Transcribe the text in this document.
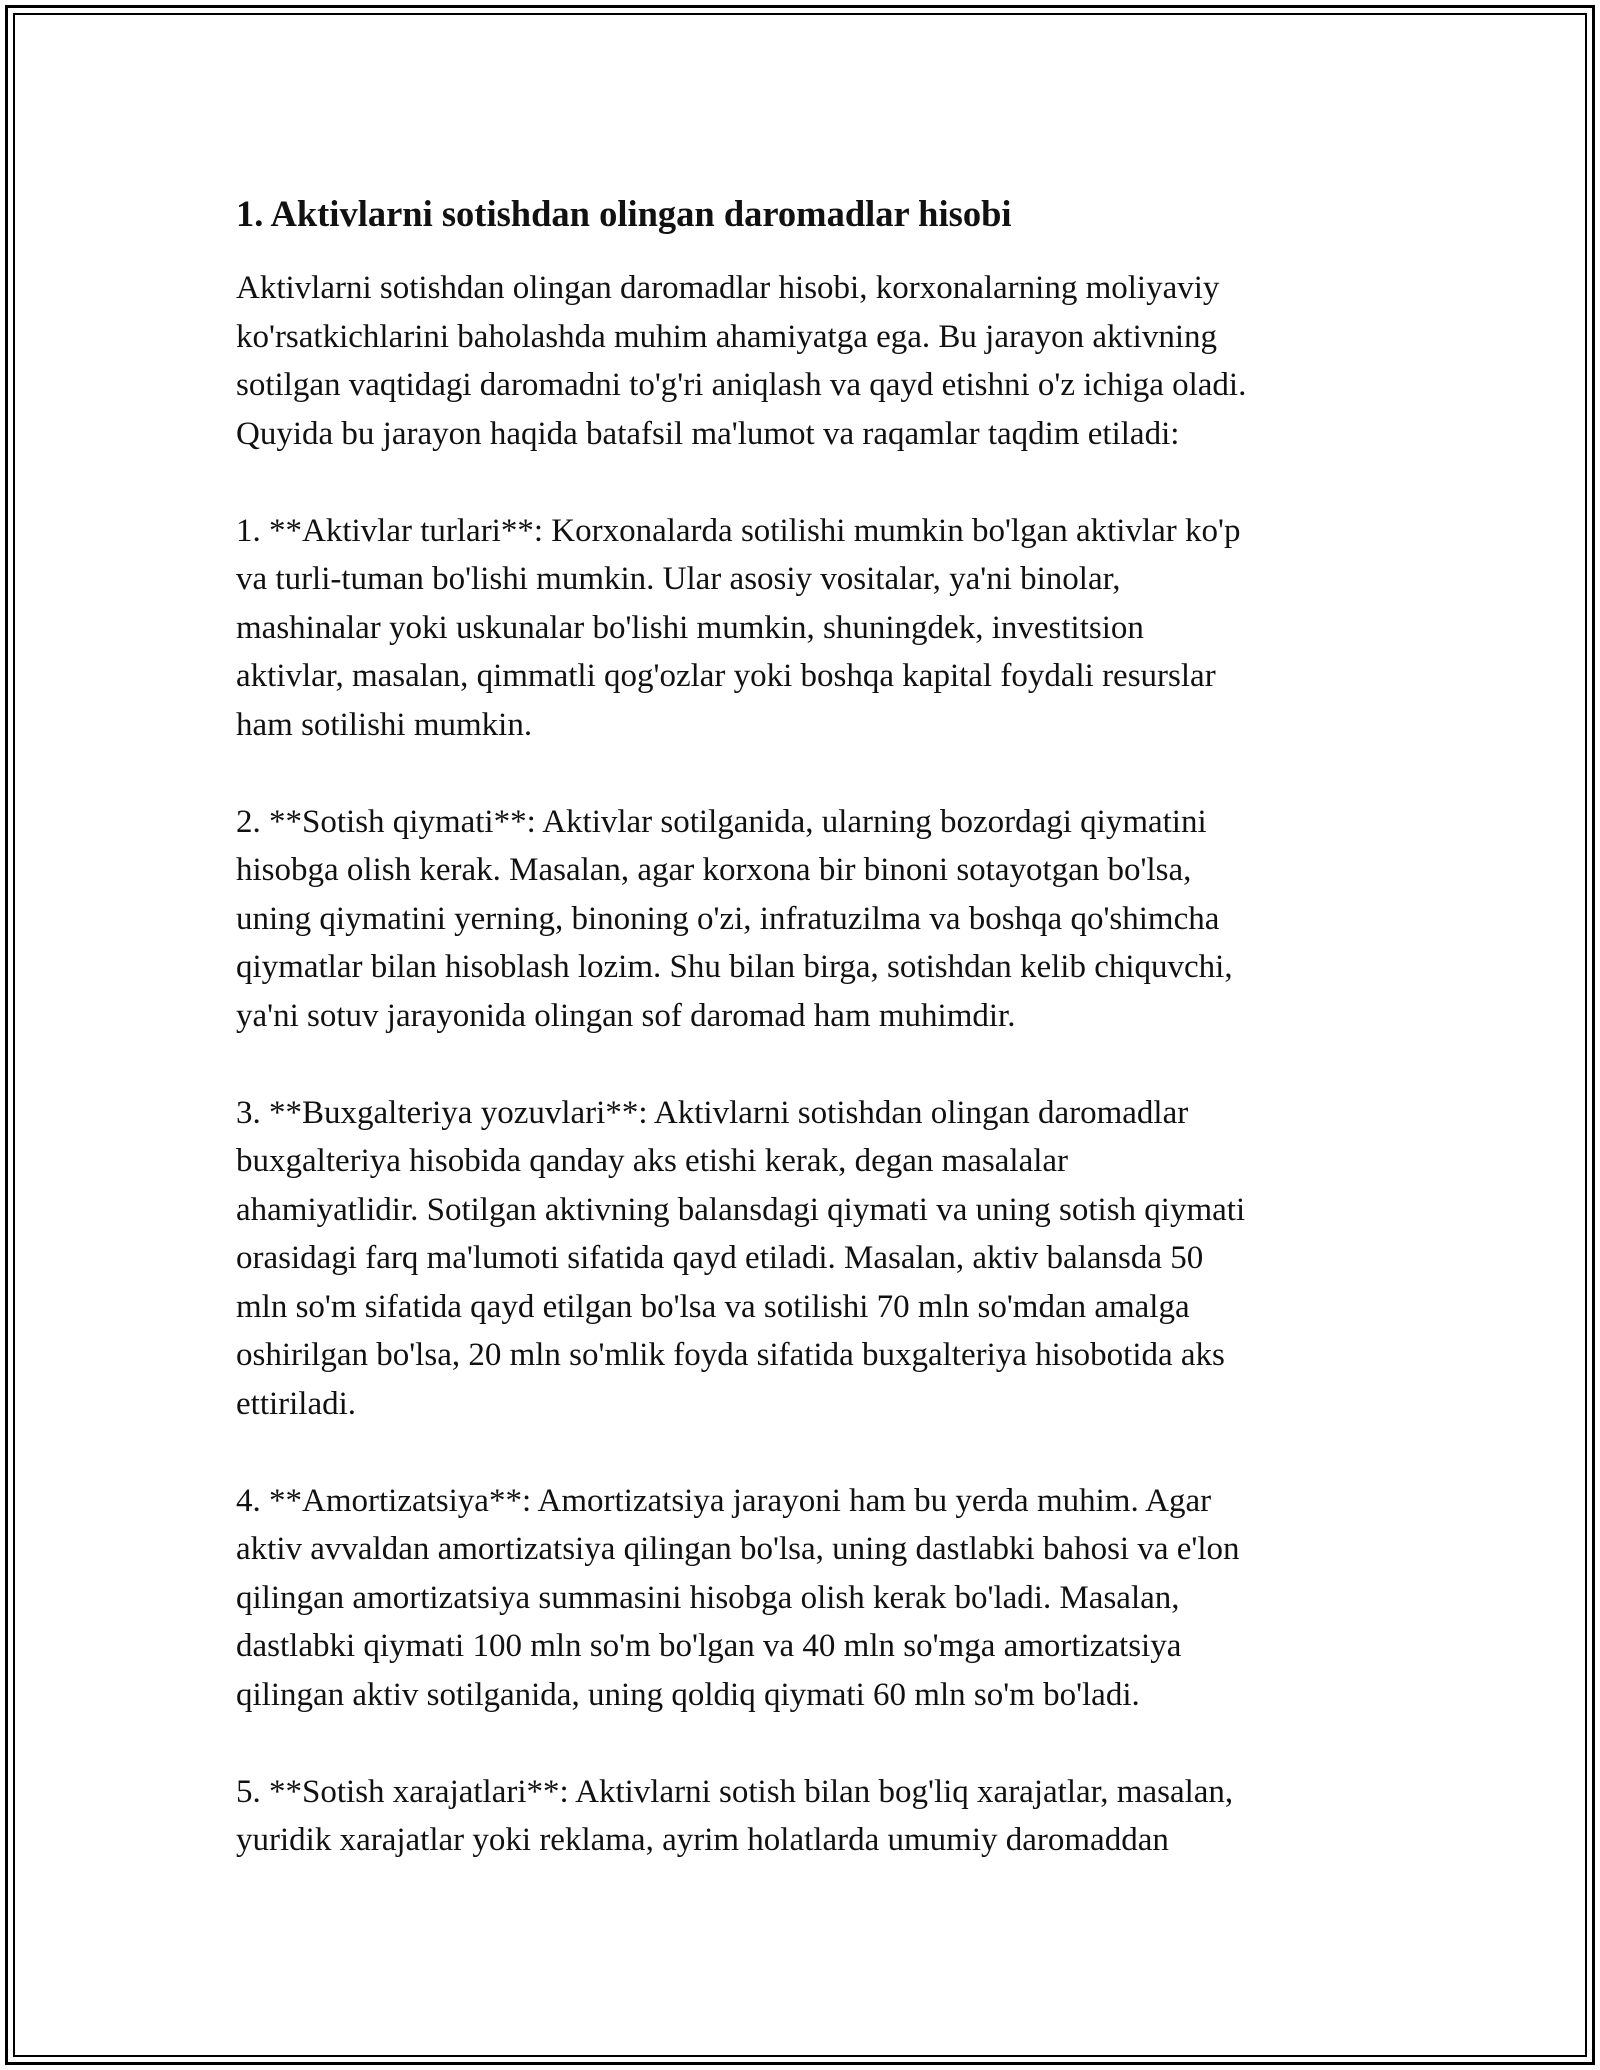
1. Aktivlarni sotishdan olingan daromadlar hisobi
Aktivlarni sotishdan olingan daromadlar hisobi, korxonalarning moliyaviy
ko'rsatkichlarini baholashda muhim ahamiyatga ega. Bu jarayon aktivning
sotilgan vaqtidagi daromadni to'g'ri aniqlash va qayd etishni o'z ichiga oladi.
Quyida bu jarayon haqida batafsil ma'lumot va raqamlar taqdim etiladi:
1. **Aktivlar turlari**: Korxonalarda sotilishi mumkin bo'lgan aktivlar ko'p
va turli-tuman bo'lishi mumkin. Ular asosiy vositalar, ya'ni binolar,
mashinalar yoki uskunalar bo'lishi mumkin, shuningdek, investitsion
aktivlar, masalan, qimmatli qog'ozlar yoki boshqa kapital foydali resurslar
ham sotilishi mumkin.
2. **Sotish qiymati**: Aktivlar sotilganida, ularning bozordagi qiymatini
hisobga olish kerak. Masalan, agar korxona bir binoni sotayotgan bo'lsa,
uning qiymatini yerning, binoning o'zi, infratuzilma va boshqa qo'shimcha
qiymatlar bilan hisoblash lozim. Shu bilan birga, sotishdan kelib chiquvchi,
ya'ni sotuv jarayonida olingan sof daromad ham muhimdir.
3. **Buxgalteriya yozuvlari**: Aktivlarni sotishdan olingan daromadlar
buxgalteriya hisobida qanday aks etishi kerak, degan masalalar
ahamiyatlidir. Sotilgan aktivning balansdagi qiymati va uning sotish qiymati
orasidagi farq ma'lumoti sifatida qayd etiladi. Masalan, aktiv balansda 50
mln so'm sifatida qayd etilgan bo'lsa va sotilishi 70 mln so'mdan amalga
oshirilgan bo'lsa, 20 mln so'mlik foyda sifatida buxgalteriya hisobotida aks
ettiriladi.
4. **Amortizatsiya**: Amortizatsiya jarayoni ham bu yerda muhim. Agar
aktiv avvaldan amortizatsiya qilingan bo'lsa, uning dastlabki bahosi va e'lon
qilingan amortizatsiya summasini hisobga olish kerak bo'ladi. Masalan,
dastlabki qiymati 100 mln so'm bo'lgan va 40 mln so'mga amortizatsiya
qilingan aktiv sotilganida, uning qoldiq qiymati 60 mln so'm bo'ladi.
5. **Sotish xarajatlari**: Aktivlarni sotish bilan bog'liq xarajatlar, masalan,
yuridik xarajatlar yoki reklama, ayrim holatlarda umumiy daromaddan
